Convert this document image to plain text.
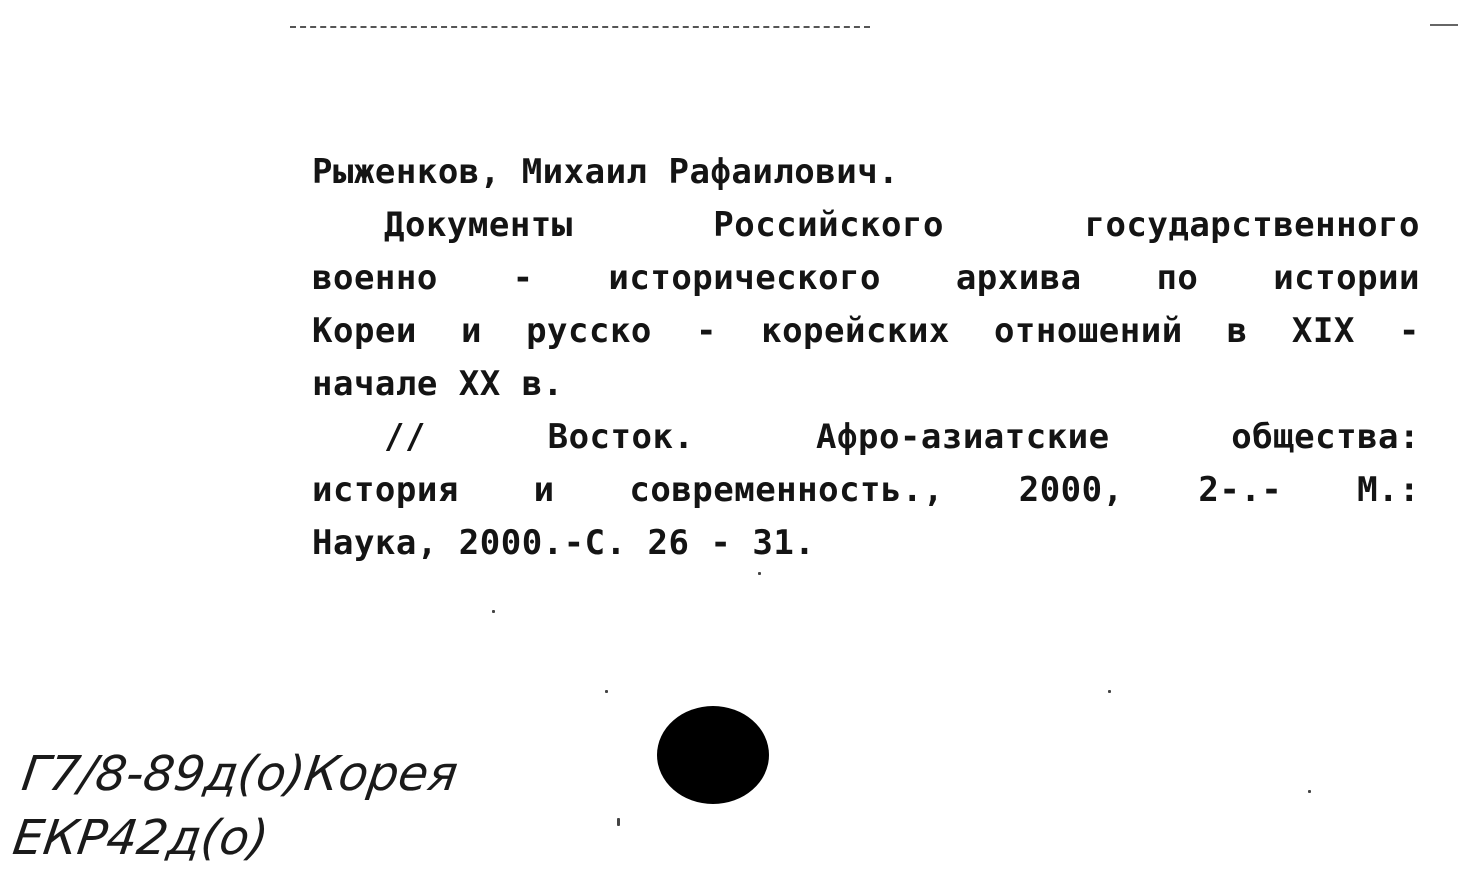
Рыженков, Михаил Рафаилович.
Документы	Российского	государственного
военно - исторического архива по истории
Кореи и русско - корейских отношений в XIX -
начале XX в.
//	Восток.	Афро-азиатские	общества:
история и современность., 2000, 2-.- М.:
Наука, 2000.-С. 26 - 31.
Г7/8-89д(о)Корея
ЕКР42д(о)
